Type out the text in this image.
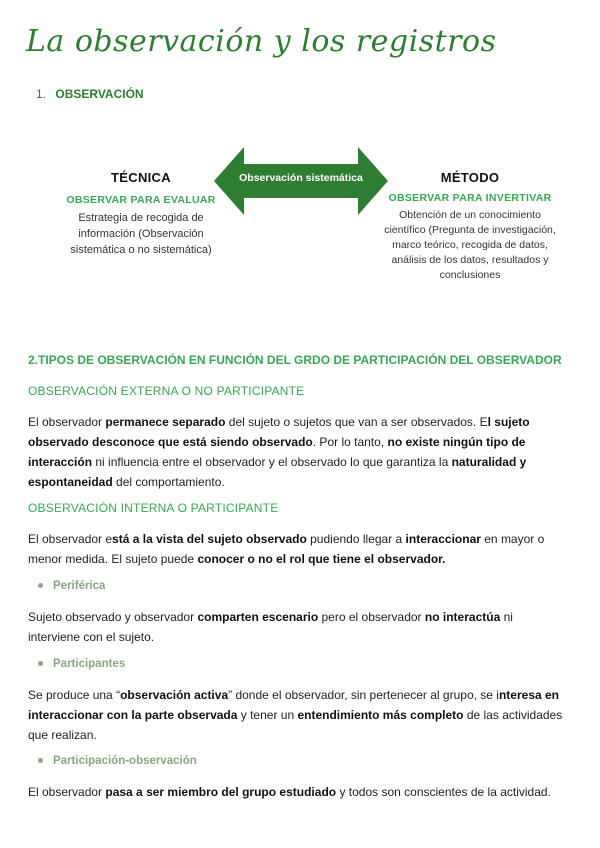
La observación y los registros
1. OBSERVACIÓN
TÉCNICA
OBSERVAR PARA EVALUAR
Estrategia de recogida de información (Observación sistemática o no sistemática)
Observación sistemática	MÉTODO
OBSERVAR PARA INVERTIVAR
Obtención de un conocimiento científico (Pregunta de investigación, marco teórico, recogida de datos, análisis de los datos, resultados y conclusiones
2.TIPOS DE OBSERVACIÓN EN FUNCIÓN DEL GRDO DE PARTICIPACIÓN DEL OBSERVADOR
OBSERVACIÓN EXTERNA O NO PARTICIPANTE
El observador permanece separado del sujeto o sujetos que van a ser observados. El sujeto observado desconoce que está siendo observado. Por lo tanto, no existe ningún tipo de interacción ni influencia entre el observador y el observado lo que garantiza la naturalidad y espontaneidad del comportamiento.
OBSERVACIÓN INTERNA O PARTICIPANTE
El observador está a la vista del sujeto observado pudiendo llegar a interaccionar en mayor o menor medida. El sujeto puede conocer o no el rol que tiene el observador.
Periférica
Sujeto observado y observador comparten escenario pero el observador no interactúa ni interviene con el sujeto.
Participantes
Se produce una “observación activa” donde el observador, sin pertenecer al grupo, se interesa en interaccionar con la parte observada y tener un entendimiento más completo de las actividades que realizan.
Participación-observación
El observador pasa a ser miembro del grupo estudiado y todos son conscientes de la actividad.
